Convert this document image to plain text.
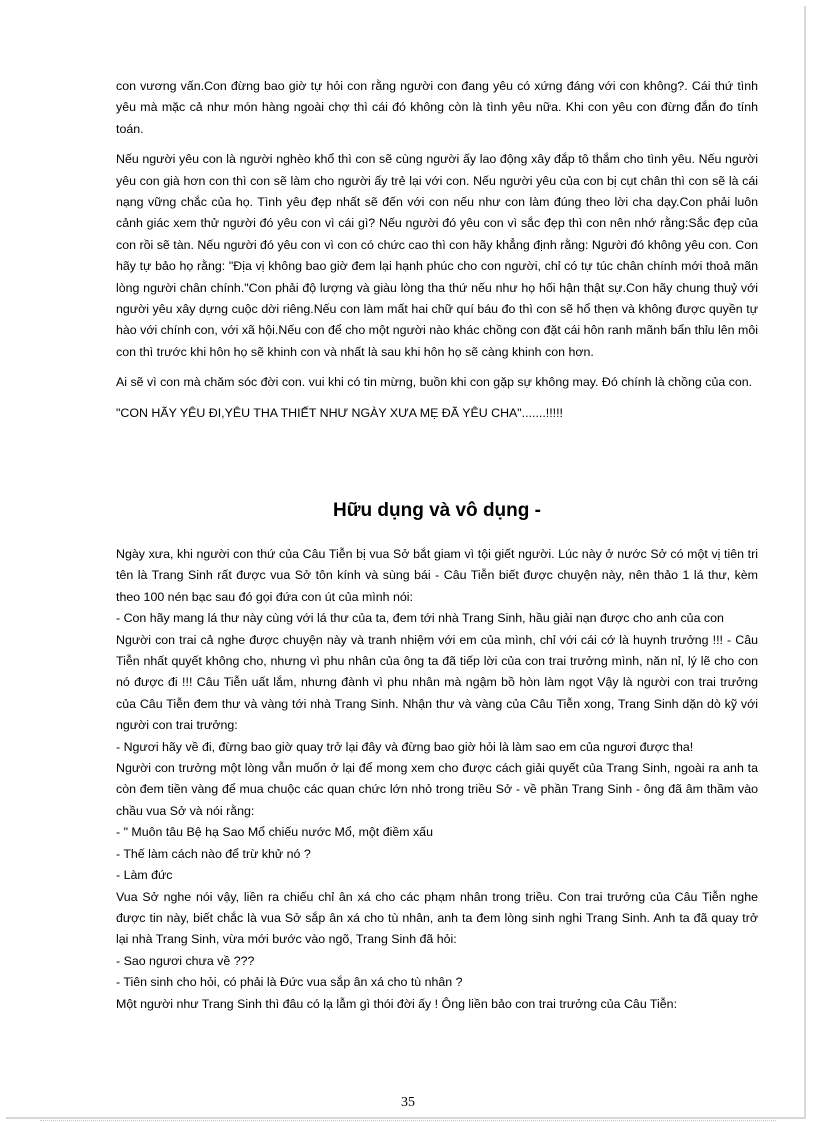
con vương vấn.Con đừng bao giờ tự hỏi con rằng người con đang yêu có xứng đáng với con không?. Cái thứ tình yêu mà mặc cả như món hàng ngoài chợ thì cái đó không còn là tình yêu nữa. Khi con yêu con đừng đắn đo tính toán.

Nếu người yêu con là người nghèo khổ thì con sẽ cùng người ấy lao động xây đắp tô thắm cho tình yêu. Nếu người yêu con già hơn con thì con sẽ làm cho người ấy trẻ lại với con. Nếu người yêu của con bị cụt chân thì con sẽ là cái nạng vững chắc của họ. Tình yêu đẹp nhất sẽ đến với con nếu như con làm đúng theo lời cha dạy.Con phải luôn cảnh giác xem thử người đó yêu con vì cái gì? Nếu người đó yêu con vì sắc đẹp thì con nên nhớ rằng:Sắc đẹp của con rồi sẽ tàn. Nếu người đó yêu con vì con có chức cao thì con hãy khẳng định rằng: Người đó không yêu con. Con hãy tự bảo họ rằng: "Địa vị không bao giờ đem lại hạnh phúc cho con người, chỉ có tự túc chân chính mới thoả mãn lòng người chân chính."Con phải độ lượng và giàu lòng tha thứ nếu như họ hối hận thật sự.Con hãy chung thuỷ với người yêu xây dựng cuộc dời riêng.Nếu con làm mất hai chữ quí báu đo thì con sẽ hổ thẹn và không được quyền tự hào với chính con, với xã hội.Nếu con để cho một người nào khác chồng con đặt cái hôn ranh mãnh bẩn thỉu lên môi con thì trước khi hôn họ sẽ khinh con và nhất là sau khi hôn họ sẽ càng khinh con hơn.

Ai sẽ vì con mà chăm sóc đời con. vui khi có tin mừng, buồn khi con gặp sự không may. Đó chính là chồng của con.

"CON HÃY YÊU ĐI,YÊU THA THIẾT NHƯ NGÀY XƯA MẸ ĐÃ YÊU CHA".......!!!!!

Hữu dụng và vô dụng -

Ngày xưa, khi người con thứ của Câu Tiễn bị vua Sở bắt giam vì tội giết người. Lúc này ở nước Sở có một vị tiên tri tên là Trang Sinh rất được vua Sở tôn kính và sùng bái - Câu Tiễn biết được chuyện này, nên thảo 1 lá thư, kèm theo 100 nén bạc sau đó gọi đứa con út của mình nói:

- Con hãy mang lá thư này cùng với lá thư của ta, đem tới nhà Trang Sinh, hầu giải nạn được cho anh của con

Người con trai cả nghe được chuyện này và tranh nhiệm với em của mình, chỉ với cái cớ là huynh trưởng !!! - Câu Tiễn nhất quyết không cho, nhưng vì phu nhân của ông ta đã tiếp lời của con trai trưởng mình, năn nỉ, lý lẽ cho con nó được đi !!! Câu Tiễn uất lắm, nhưng đành vì phu nhân mà ngậm bồ hòn làm ngọt Vậy là người con trai trưởng của Câu Tiễn đem thư và vàng tới nhà Trang Sinh. Nhận thư và vàng của Câu Tiễn xong, Trang Sinh dặn dò kỹ với người con trai trưởng:

- Ngươi hãy về đi, đừng bao giờ quay trở lại đây và đừng bao giờ hỏi là làm sao em của ngươi được tha!

Người con trưởng một lòng vẫn muốn ở lại để mong xem cho được cách giải quyết của Trang Sinh, ngoài ra anh ta còn đem tiền vàng để mua chuộc các quan chức lớn nhỏ trong triều Sở - về phần Trang Sinh - ông đã âm thầm vào chầu vua Sở và nói rằng:

- " Muôn tâu Bệ hạ Sao Mổ chiếu nước Mổ, một điềm xấu

- Thế làm cách nào để trừ khử nó ?

- Làm đức

Vua Sở nghe nói vậy, liền ra chiếu chỉ ân xá cho các phạm nhân trong triều. Con trai trưởng của Câu Tiễn nghe được tin này, biết chắc là vua Sở sắp ân xá cho tù nhân, anh ta đem lòng sinh nghi Trang Sinh. Anh ta đã quay trở lại nhà Trang Sinh, vừa mới bước vào ngõ, Trang Sinh đã hỏi:

- Sao ngươi chưa về ???

- Tiên sinh cho hỏi, có phải là Đức vua sắp ân xá cho tù nhân ?

Một người như Trang Sinh thì đâu có lạ lẫm gì thói đời ấy ! Ông liền bảo con trai trưởng của Câu Tiễn:

35
